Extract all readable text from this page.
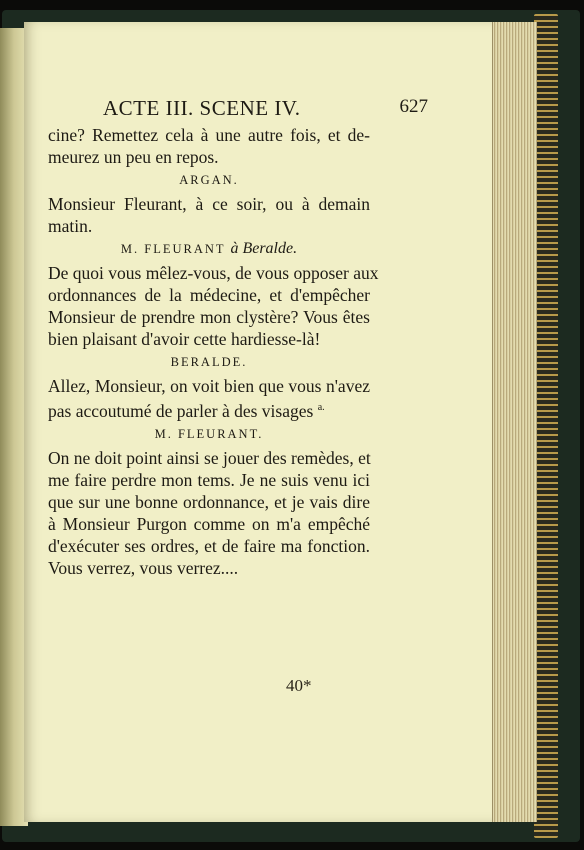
ACTE III. SCENE IV.	627
cine? Remettez cela à une autre fois, et de-
meurez un peu en repos.
ARGAN.
Monsieur Fleurant, à ce soir, ou à demain
matin.
M. FLEURANT à Beralde.
De quoi vous mêlez-vous, de vous opposer aux
ordonnances de la médecine, et d'empêcher
Monsieur de prendre mon clystère? Vous êtes
bien plaisant d'avoir cette hardiesse-là!
BERALDE.
Allez, Monsieur, on voit bien que vous n'avez
pas accoutumé de parler à des visages $^{a.}$
M. FLEURANT.
On ne doit point ainsi se jouer des remèdes, et
me faire perdre mon tems. Je ne suis venu ici
que sur une bonne ordonnance, et je vais dire
à Monsieur Purgon comme on m'a empêché
d'exécuter ses ordres, et de faire ma fonction.
Vous verrez, vous verrez....
40*
